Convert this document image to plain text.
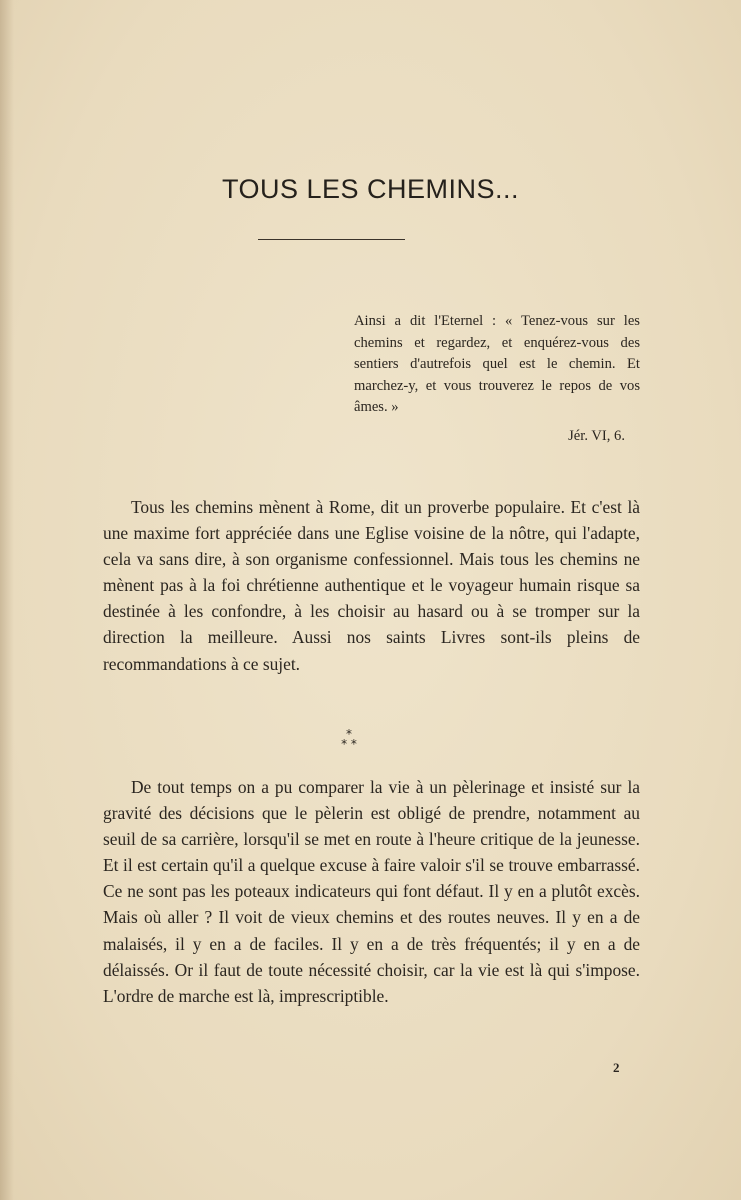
TOUS LES CHEMINS...
Ainsi a dit l'Eternel : « Tenez-vous sur les chemins et regardez, et enquérez-vous des sentiers d'autrefois quel est le chemin. Et marchez-y, et vous trouverez le repos de vos âmes. »
Jér. VI, 6.

Tous les chemins mènent à Rome, dit un proverbe populaire. Et c'est là une maxime fort appréciée dans une Eglise voisine de la nôtre, qui l'adapte, cela va sans dire, à son organisme confessionnel. Mais tous les chemins ne mènent pas à la foi chrétienne authentique et le voyageur humain risque sa destinée à les confondre, à les choisir au hasard ou à se tromper sur la direction la meilleure. Aussi nos saints Livres sont-ils pleins de recommandations à ce sujet.

*
* *

De tout temps on a pu comparer la vie à un pèlerinage et insisté sur la gravité des décisions que le pèlerin est obligé de prendre, notamment au seuil de sa carrière, lorsqu'il se met en route à l'heure critique de la jeunesse. Et il est certain qu'il a quelque excuse à faire valoir s'il se trouve embarrassé. Ce ne sont pas les poteaux indicateurs qui font défaut. Il y en a plutôt excès. Mais où aller ? Il voit de vieux chemins et des routes neuves. Il y en a de malaisés, il y en a de faciles. Il y en a de très fréquentés; il y en a de délaissés. Or il faut de toute nécessité choisir, car la vie est là qui s'impose. L'ordre de marche est là, imprescriptible.

2
